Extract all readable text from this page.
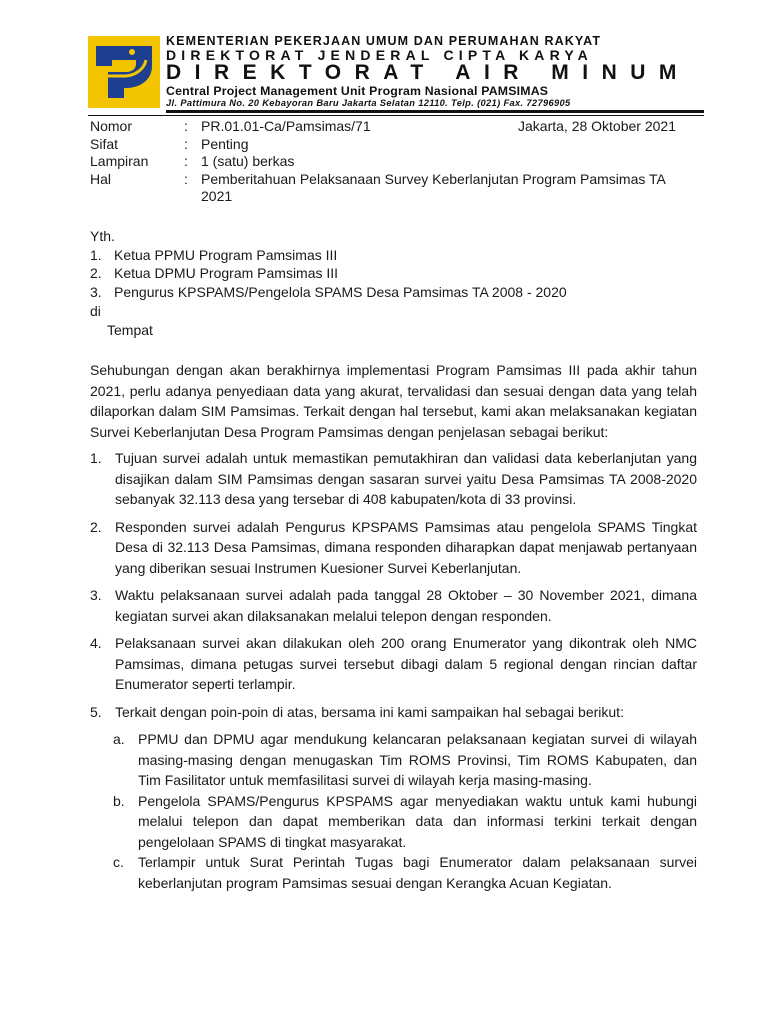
KEMENTERIAN PEKERJAAN UMUM DAN PERUMAHAN RAKYAT
DIREKTORAT JENDERAL CIPTA KARYA
DIREKTORAT AIR MINUM
Central Project Management Unit Program Nasional PAMSIMAS
Jl. Pattimura No. 20 Kebayoran Baru Jakarta Selatan 12110. Telp. (021) Fax. 72796905
Nomor	: PR.01.01-Ca/Pamsimas/71	Jakarta, 28 Oktober 2021
Sifat	: Penting
Lampiran	: 1 (satu) berkas
Hal	: Pemberitahuan Pelaksanaan Survey Keberlanjutan Program Pamsimas TA 2021
Yth.
1. Ketua PPMU Program Pamsimas III
2. Ketua DPMU Program Pamsimas III
3. Pengurus KPSPAMS/Pengelola SPAMS Desa Pamsimas TA 2008 - 2020
di
Tempat

Sehubungan dengan akan berakhirnya implementasi Program Pamsimas III pada akhir tahun 2021, perlu adanya penyediaan data yang akurat, tervalidasi dan sesuai dengan data yang telah dilaporkan dalam SIM Pamsimas. Terkait dengan hal tersebut, kami akan melaksanakan kegiatan Survei Keberlanjutan Desa Program Pamsimas dengan penjelasan sebagai berikut:

1. Tujuan survei adalah untuk memastikan pemutakhiran dan validasi data keberlanjutan yang disajikan dalam SIM Pamsimas dengan sasaran survei yaitu Desa Pamsimas TA 2008-2020 sebanyak 32.113 desa yang tersebar di 408 kabupaten/kota di 33 provinsi.
2. Responden survei adalah Pengurus KPSPAMS Pamsimas atau pengelola SPAMS Tingkat Desa di 32.113 Desa Pamsimas, dimana responden diharapkan dapat menjawab pertanyaan yang diberikan sesuai Instrumen Kuesioner Survei Keberlanjutan.
3. Waktu pelaksanaan survei adalah pada tanggal 28 Oktober – 30 November 2021, dimana kegiatan survei akan dilaksanakan melalui telepon dengan responden.
4. Pelaksanaan survei akan dilakukan oleh 200 orang Enumerator yang dikontrak oleh NMC Pamsimas, dimana petugas survei tersebut dibagi dalam 5 regional dengan rincian daftar Enumerator seperti terlampir.
5. Terkait dengan poin-poin di atas, bersama ini kami sampaikan hal sebagai berikut:
a. PPMU dan DPMU agar mendukung kelancaran pelaksanaan kegiatan survei di wilayah masing-masing dengan menugaskan Tim ROMS Provinsi, Tim ROMS Kabupaten, dan Tim Fasilitator untuk memfasilitasi survei di wilayah kerja masing-masing.
b. Pengelola SPAMS/Pengurus KPSPAMS agar menyediakan waktu untuk kami hubungi melalui telepon dan dapat memberikan data dan informasi terkini terkait dengan pengelolaan SPAMS di tingkat masyarakat.
c. Terlampir untuk Surat Perintah Tugas bagi Enumerator dalam pelaksanaan survei keberlanjutan program Pamsimas sesuai dengan Kerangka Acuan Kegiatan.
